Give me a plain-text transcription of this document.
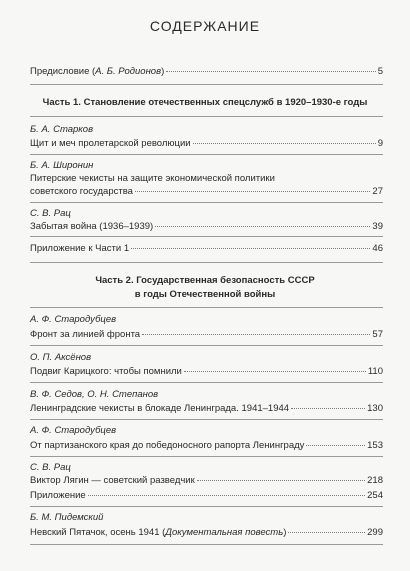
СОДЕРЖАНИЕ
Предисловие (А. Б. Родионов)	5
Часть 1. Становление отечественных спецслужб в 1920–1930-е годы
Б. А. Старков
Щит и меч пролетарской революции	9
Б. А. Широнин
Питерские чекисты на защите экономической политики
советского государства	27
С. В. Рац
Забытая война (1936–1939)	39
Приложение к Части 1	46
Часть 2. Государственная безопасность СССР
в годы Отечественной войны
А. Ф. Стародубцев
Фронт за линией фронта	57
О. П. Аксёнов
Подвиг Карицкого: чтобы помнили	110
В. Ф. Седов, О. Н. Степанов
Ленинградские чекисты в блокаде Ленинграда. 1941–1944	130
А. Ф. Стародубцев
От партизанского края до победоносного рапорта Ленинграду	153
С. В. Рац
Виктор Лягин — советский разведчик	218
Приложение	254
Б. М. Пидемский
Невский Пятачок, осень 1941 (Документальная повесть)	299
